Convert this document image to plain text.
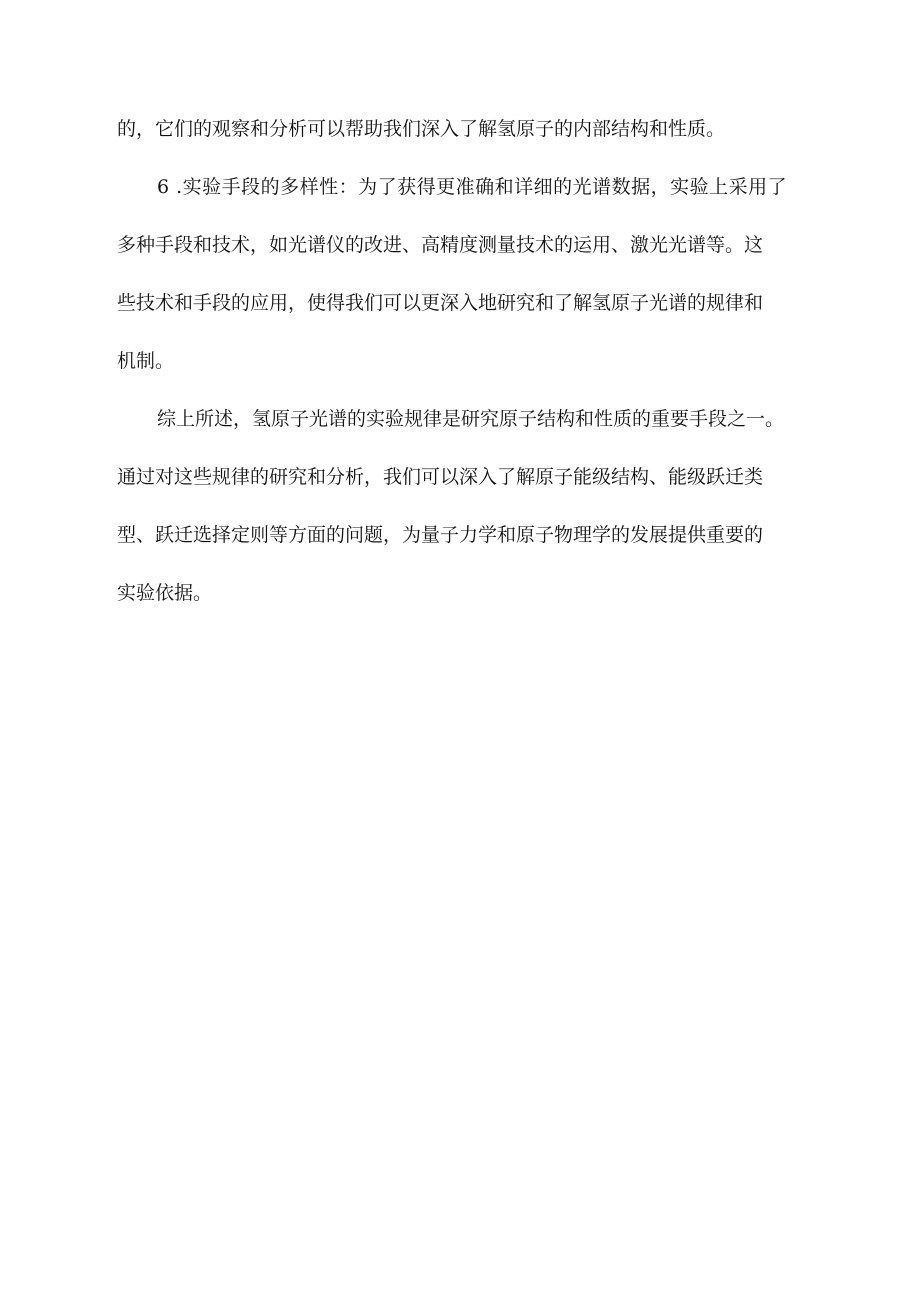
的，它们的观察和分析可以帮助我们深入了解氢原子的内部结构和性质。
6 .实验手段的多样性：为了获得更准确和详细的光谱数据，实验上采用了
多种手段和技术，如光谱仪的改进、高精度测量技术的运用、激光光谱等。这
些技术和手段的应用，使得我们可以更深入地研究和了解氢原子光谱的规律和
机制。
综上所述，氢原子光谱的实验规律是研究原子结构和性质的重要手段之一。
通过对这些规律的研究和分析，我们可以深入了解原子能级结构、能级跃迁类
型、跃迁选择定则等方面的问题，为量子力学和原子物理学的发展提供重要的
实验依据。
